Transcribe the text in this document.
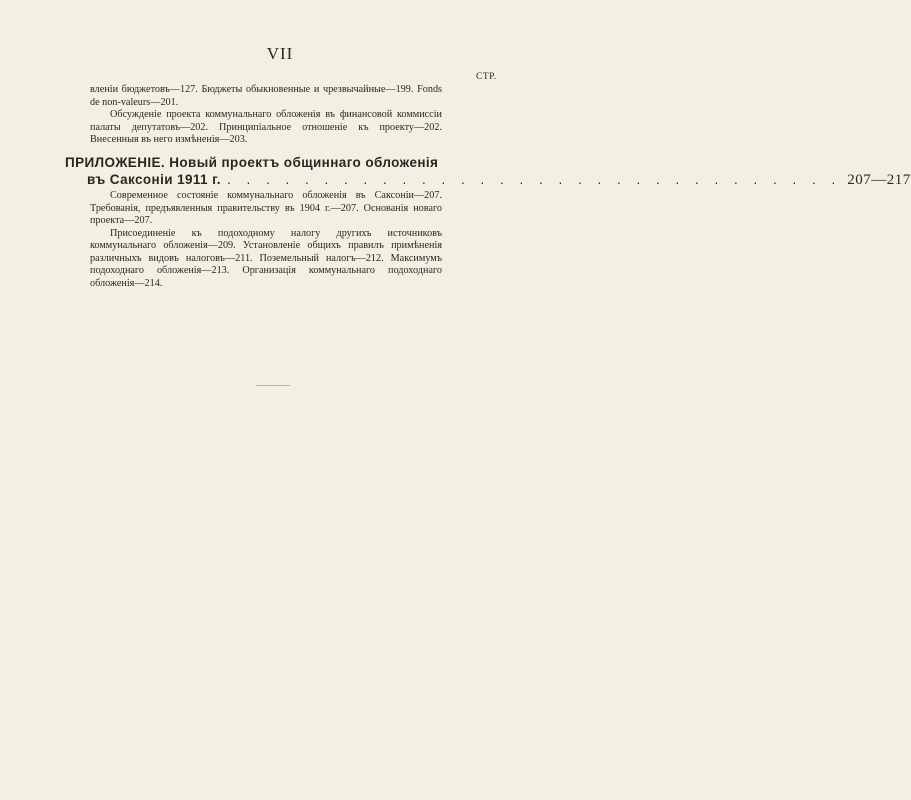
VII
СТР.

вленiи бюджетовъ—127. Бюджеты обыкновенные и чрезвычайные—199. Fonds de non-valeurs—201.

Обсужденiе проекта коммунальнаго обложенiя въ финансовой коммиссiи палаты депутатовъ—202. Принципiальное отношенiе къ проекту—202. Внесенныя въ него измѣненiя—203.

ПРИЛОЖЕНIЕ. Новый проектъ общиннаго обложенiя
въ Саксонiи 1911 г. . . . . . . . . . . . . . . . . . . . . . . . . . . . . . . . . 207—217

Современное состоянiе коммунальнаго обложенiя въ Саксонiи—207. Требованiя, предъявленныя правительству въ 1904 г.—207. Основанiя новаго проекта—207.

Присоединенiе къ подоходному налогу другихъ источниковъ коммунальнаго обложенiя—209. Установленiе общихъ правилъ примѣненiя различныхъ видовъ налоговъ—211. Поземельный налогъ—212. Максимумъ подоходнаго обложенiя—213. Организацiя коммунальнаго подоходнаго обложенiя—214.
